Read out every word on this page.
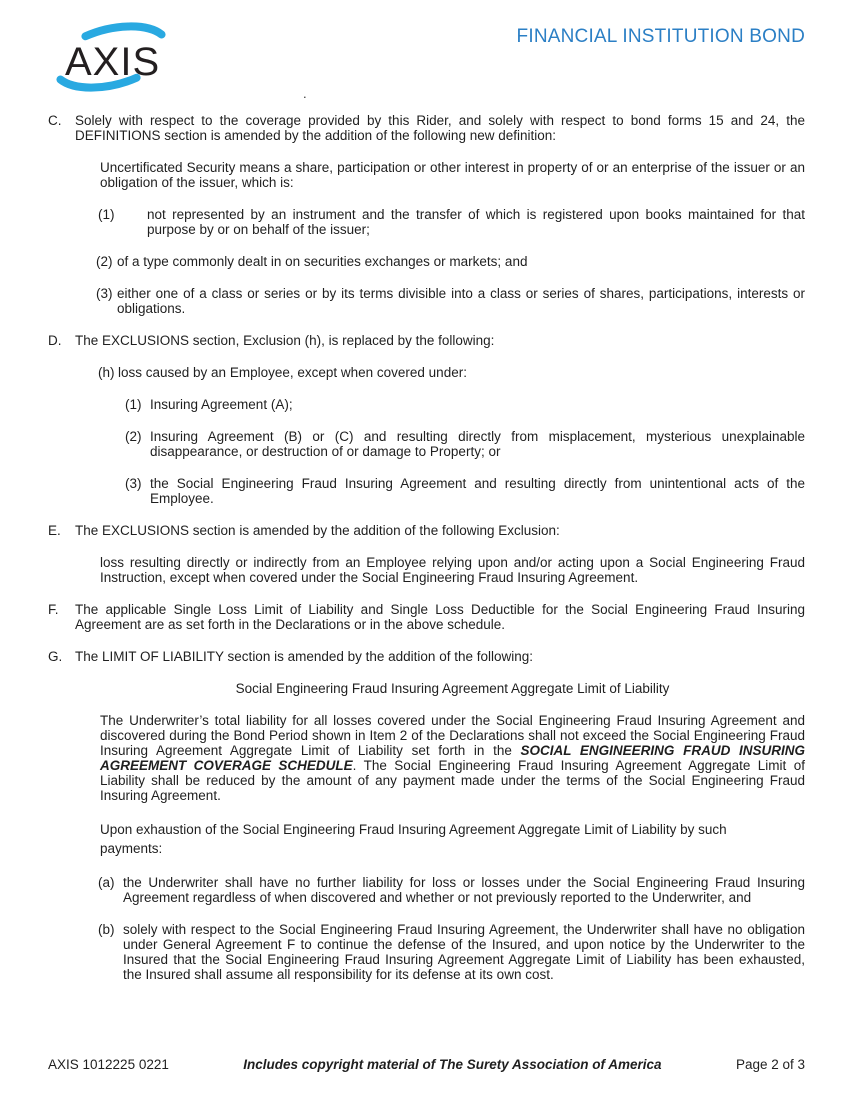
AXIS
FINANCIAL INSTITUTION BOND
.
C.	Solely with respect to the coverage provided by this Rider, and solely with respect to bond forms 15 and 24, the DEFINITIONS section is amended by the addition of the following new definition:
Uncertificated Security means a share, participation or other interest in property of or an enterprise of the issuer or an obligation of the issuer, which is:
(1)	not represented by an instrument and the transfer of which is registered upon books maintained for that purpose by or on behalf of the issuer;
(2) of a type commonly dealt in on securities exchanges or markets; and
(3) either one of a class or series or by its terms divisible into a class or series of shares, participations, interests or obligations.
D.	The EXCLUSIONS section, Exclusion (h), is replaced by the following:
(h) loss caused by an Employee, except when covered under:
(1) Insuring Agreement (A);
(2) Insuring Agreement (B) or (C) and resulting directly from misplacement, mysterious unexplainable disappearance, or destruction of or damage to Property; or
(3) the Social Engineering Fraud Insuring Agreement and resulting directly from unintentional acts of the Employee.
E.	The EXCLUSIONS section is amended by the addition of the following Exclusion:
loss resulting directly or indirectly from an Employee relying upon and/or acting upon a Social Engineering Fraud Instruction, except when covered under the Social Engineering Fraud Insuring Agreement.
F.	The applicable Single Loss Limit of Liability and Single Loss Deductible for the Social Engineering Fraud Insuring Agreement are as set forth in the Declarations or in the above schedule.
G. The LIMIT OF LIABILITY section is amended by the addition of the following:
Social Engineering Fraud Insuring Agreement Aggregate Limit of Liability
The Underwriter’s total liability for all losses covered under the Social Engineering Fraud Insuring Agreement and discovered during the Bond Period shown in Item 2 of the Declarations shall not exceed the Social Engineering Fraud Insuring Agreement Aggregate Limit of Liability set forth in the SOCIAL ENGINEERING FRAUD INSURING AGREEMENT COVERAGE SCHEDULE. The Social Engineering Fraud Insuring Agreement Aggregate Limit of Liability shall be reduced by the amount of any payment made under the terms of the Social Engineering Fraud Insuring Agreement.
Upon exhaustion of the Social Engineering Fraud Insuring Agreement Aggregate Limit of Liability by such
payments:
(a) the Underwriter shall have no further liability for loss or losses under the Social Engineering Fraud Insuring Agreement regardless of when discovered and whether or not previously reported to the Underwriter, and
(b) solely with respect to the Social Engineering Fraud Insuring Agreement, the Underwriter shall have no obligation under General Agreement F to continue the defense of the Insured, and upon notice by the Underwriter to the Insured that the Social Engineering Fraud Insuring Agreement Aggregate Limit of Liability has been exhausted, the Insured shall assume all responsibility for its defense at its own cost.
AXIS 1012225 0221	Includes copyright material of The Surety Association of America	Page 2 of 3
